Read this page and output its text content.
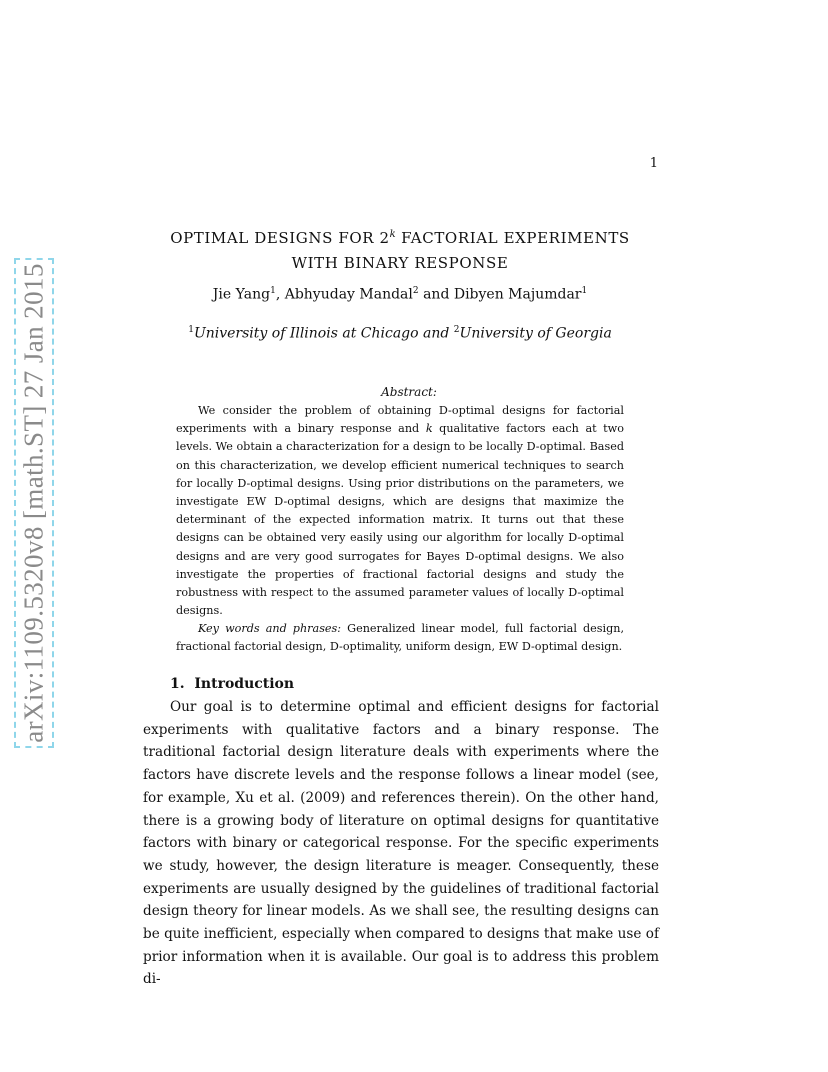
arXiv:1109.5320v8 [math.ST] 27 Jan 2015
1
OPTIMAL DESIGNS FOR 2$^k$ FACTORIAL EXPERIMENTS
WITH BINARY RESPONSE
Jie Yang$^1$, Abhyuday Mandal$^2$ and Dibyen Majumdar$^1$
$^1$University of Illinois at Chicago and $^2$University of Georgia
Abstract:

We consider the problem of obtaining D-optimal designs for factorial experiments with a binary response and k qualitative factors each at two levels. We obtain a characterization for a design to be locally D-optimal. Based on this characterization, we develop efficient numerical techniques to search for locally D-optimal designs. Using prior distributions on the parameters, we investigate EW D-optimal designs, which are designs that maximize the determinant of the expected information matrix. It turns out that these designs can be obtained very easily using our algorithm for locally D-optimal designs and are very good surrogates for Bayes D-optimal designs. We also investigate the properties of fractional factorial designs and study the robustness with respect to the assumed parameter values of locally D-optimal designs.

Key words and phrases: Generalized linear model, full factorial design, fractional factorial design, D-optimality, uniform design, EW D-optimal design.

1. Introduction

Our goal is to determine optimal and efficient designs for factorial experiments with qualitative factors and a binary response. The traditional factorial design literature deals with experiments where the factors have discrete levels and the response follows a linear model (see, for example, Xu et al. (2009) and references therein). On the other hand, there is a growing body of literature on optimal designs for quantitative factors with binary or categorical response. For the specific experiments we study, however, the design literature is meager. Consequently, these experiments are usually designed by the guidelines of traditional factorial design theory for linear models. As we shall see, the resulting designs can be quite inefficient, especially when compared to designs that make use of prior information when it is available. Our goal is to address this problem di-
